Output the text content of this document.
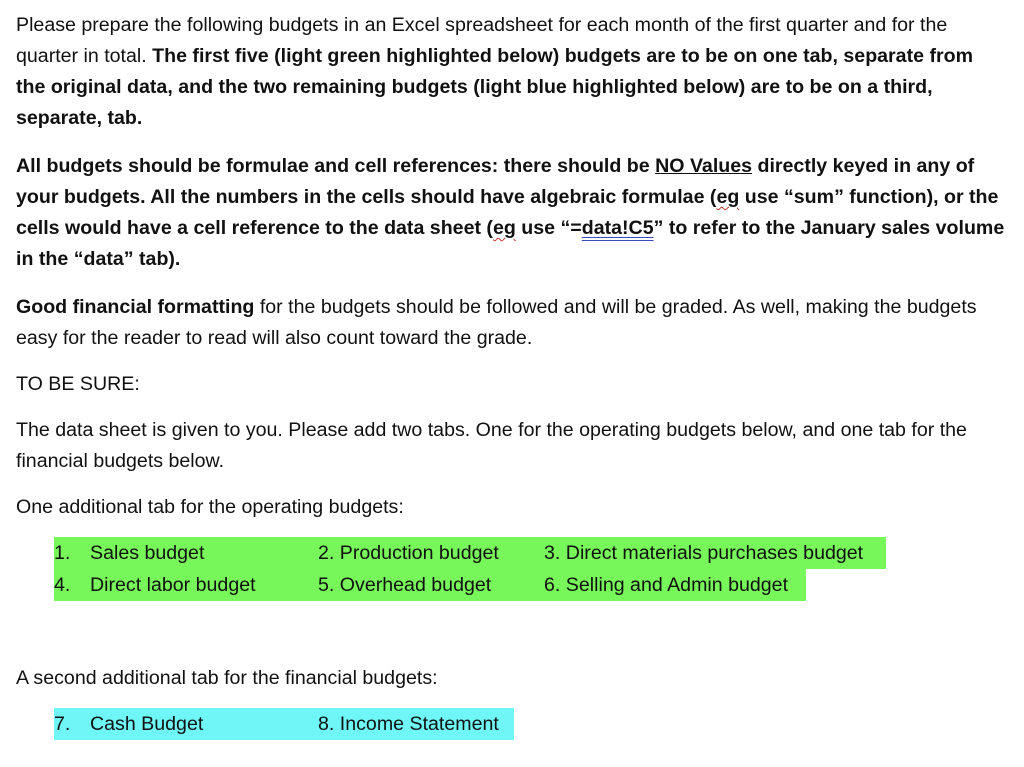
Please prepare the following budgets in an Excel spreadsheet for each month of the first quarter and for the quarter in total. The first five (light green highlighted below) budgets are to be on one tab, separate from the original data, and the two remaining budgets (light blue highlighted below) are to be on a third, separate, tab.

All budgets should be formulae and cell references: there should be NO Values directly keyed in any of your budgets. All the numbers in the cells should have algebraic formulae (eg use “sum” function), or the cells would have a cell reference to the data sheet (eg use “=data!C5” to refer to the January sales volume in the “data” tab).

Good financial formatting for the budgets should be followed and will be graded. As well, making the budgets easy for the reader to read will also count toward the grade.

TO BE SURE:

The data sheet is given to you. Please add two tabs. One for the operating budgets below, and one tab for the financial budgets below.

One additional tab for the operating budgets:

1. Sales budget	2. Production budget 3. Direct materials purchases budget
4. Direct labor budget	5. Overhead budget	6. Selling and Admin budget

A second additional tab for the financial budgets:

7. Cash Budget	8. Income Statement
